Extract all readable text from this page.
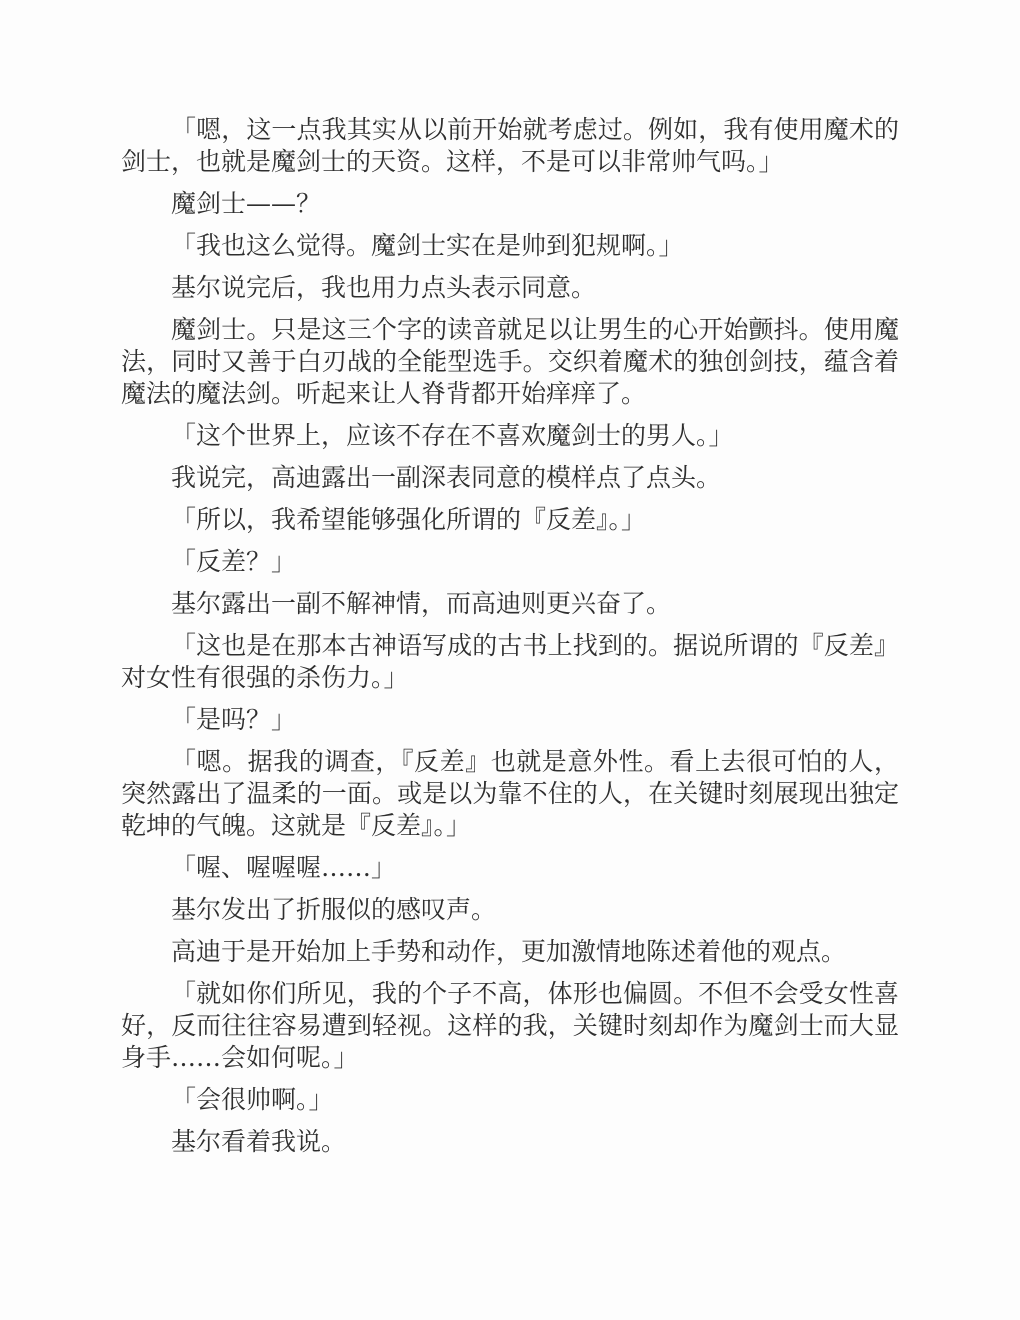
「嗯，这一点我其实从以前开始就考虑过。例如，我有使用魔术的剑士，也就是魔剑士的天资。这样，不是可以非常帅气吗。」

魔剑士——？

「我也这么觉得。魔剑士实在是帅到犯规啊。」

基尔说完后，我也用力点头表示同意。

魔剑士。只是这三个字的读音就足以让男生的心开始颤抖。使用魔法，同时又善于白刃战的全能型选手。交织着魔术的独创剑技，蕴含着魔法的魔法剑。听起来让人脊背都开始痒痒了。

「这个世界上，应该不存在不喜欢魔剑士的男人。」

我说完，高迪露出一副深表同意的模样点了点头。

「所以，我希望能够强化所谓的『反差』。」

「反差？」

基尔露出一副不解神情，而高迪则更兴奋了。

「这也是在那本古神语写成的古书上找到的。据说所谓的『反差』对女性有很强的杀伤力。」

「是吗？」

「嗯。据我的调查，『反差』也就是意外性。看上去很可怕的人，突然露出了温柔的一面。或是以为靠不住的人，在关键时刻展现出独定乾坤的气魄。这就是『反差』。」

「喔、喔喔喔……」

基尔发出了折服似的感叹声。

高迪于是开始加上手势和动作，更加激情地陈述着他的观点。

「就如你们所见，我的个子不高，体形也偏圆。不但不会受女性喜好，反而往往容易遭到轻视。这样的我，关键时刻却作为魔剑士而大显身手……会如何呢。」

「会很帅啊。」

基尔看着我说。
